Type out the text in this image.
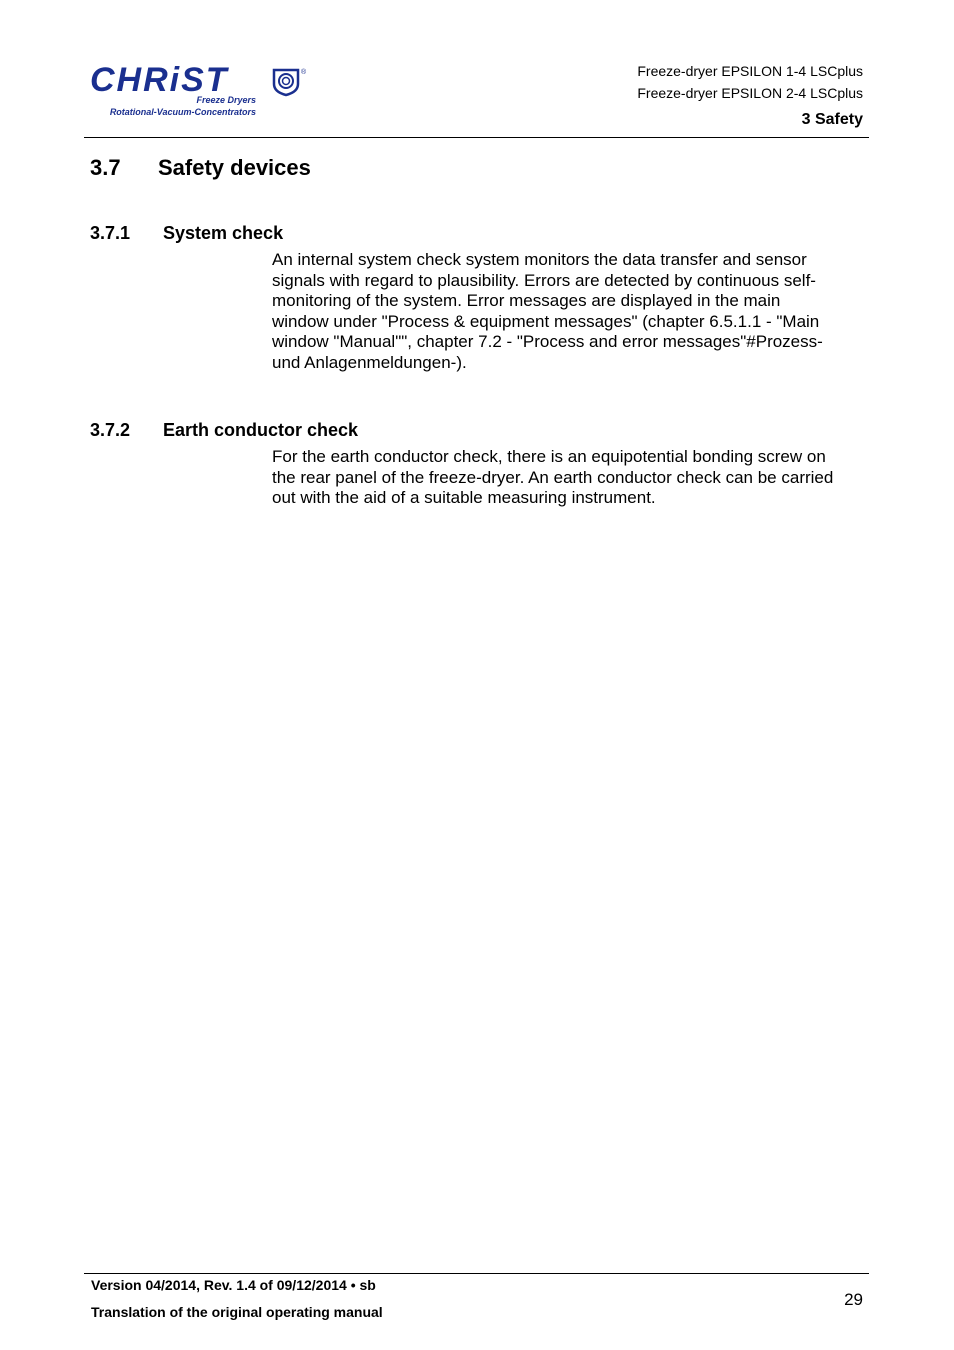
CHRiST	®
Freeze Dryers
Rotational-Vacuum-Concentrators
Freeze-dryer EPSILON 1-4 LSCplus
Freeze-dryer EPSILON 2-4 LSCplus
3 Safety
3.7 Safety devices
3.7.1 System check
An internal system check system monitors the data transfer and sensor
signals with regard to plausibility. Errors are detected by continuous self-
monitoring of the system. Error messages are displayed in the main
window under "Process & equipment messages" (chapter 6.5.1.1 - "Main
window "Manual"", chapter 7.2 - "Process and error messages"#Prozess-
und Anlagenmeldungen-).
3.7.2 Earth conductor check
For the earth conductor check, there is an equipotential bonding screw on
the rear panel of the freeze-dryer. An earth conductor check can be carried
out with the aid of a suitable measuring instrument.
Version 04/2014, Rev. 1.4 of 09/12/2014 • sb
Translation of the original operating manual
29
